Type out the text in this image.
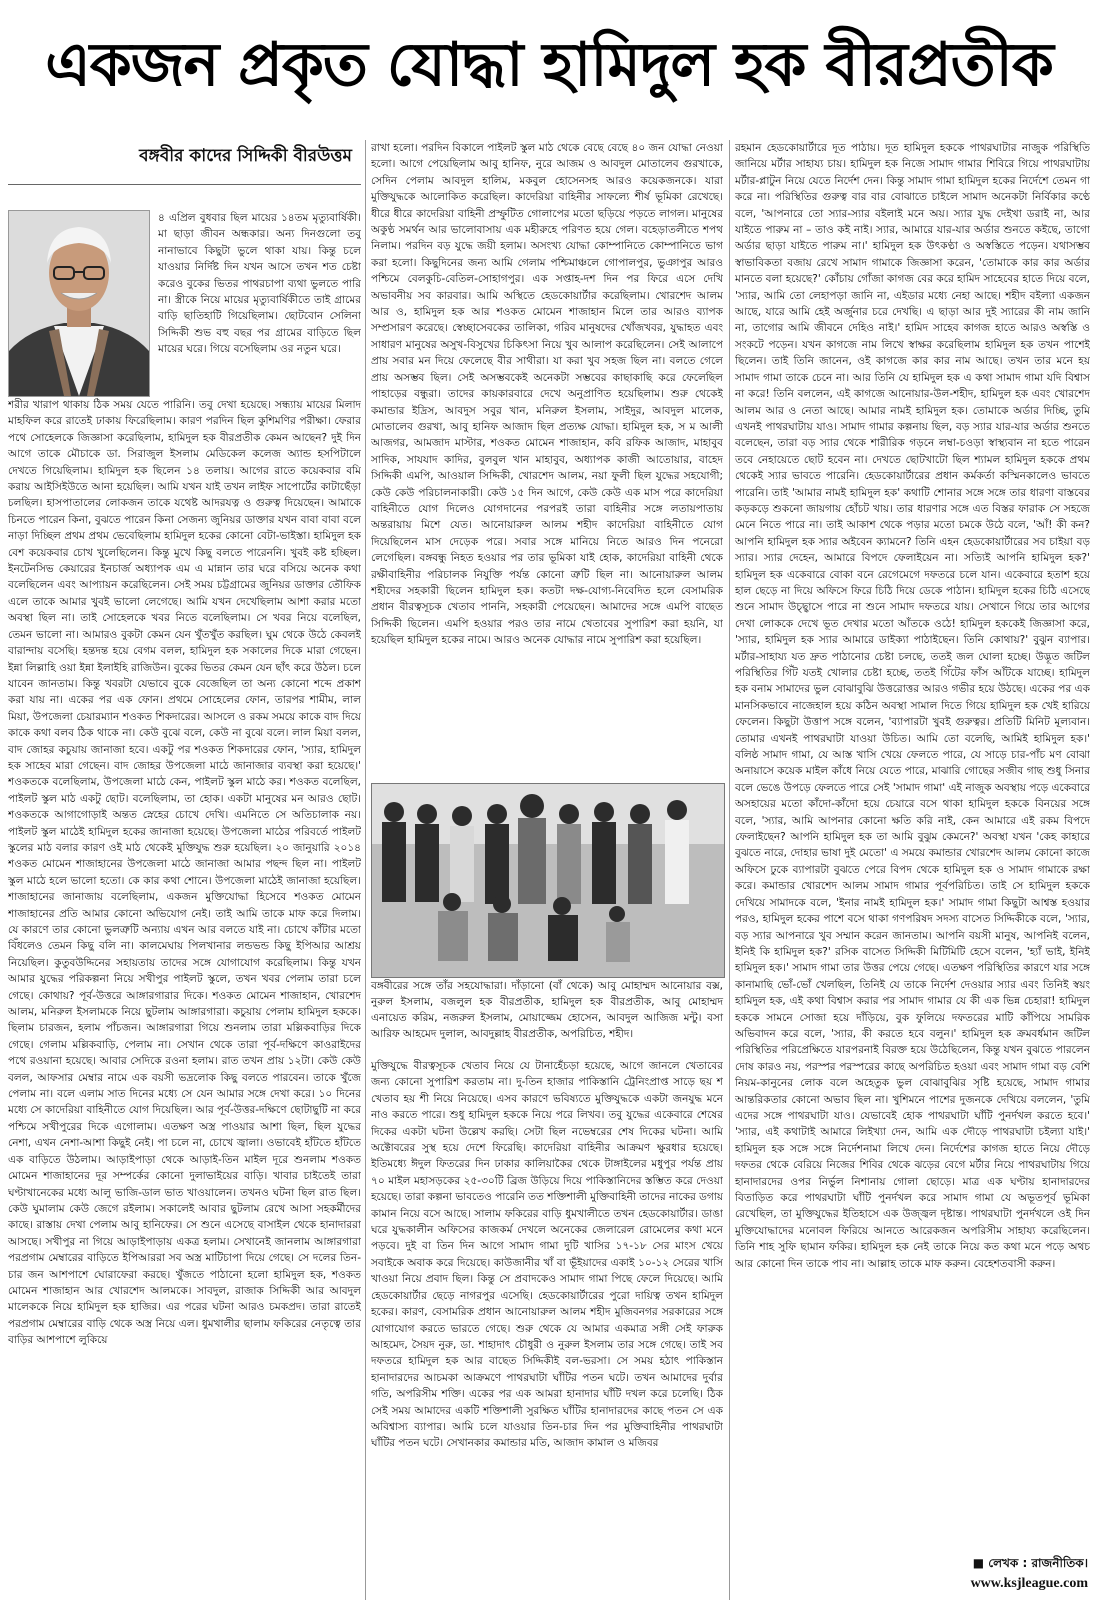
একজন প্রকৃত যোদ্ধা হামিদুল হক বীরপ্রতীক
বঙ্গবীর কাদের সিদ্দিকী বীরউত্তম

৪ এপ্রিল বুধবার ছিল মায়ের ১৪তম মৃত্যুবার্ষিকী। মা ছাড়া জীবন অন্ধকার। অন্য দিনগুলো তবু নানাভাবে কিছুটা ভুলে থাকা যায়। কিন্তু চলে যাওয়ার নির্দিষ্ট দিন যখন আসে তখন শত চেষ্টা করেও বুকের ভিতর পাথরচাপা ব্যথা ভুলতে পারি না। স্ত্রীকে নিয়ে মায়ের মৃত্যুবার্ষিকীতে তাই গ্রামের বাড়ি ছাতিহাটি গিয়েছিলাম। ছোটবোন সেলিনা সিদ্দিকী শুভ বহু বছর পর গ্রামের বাড়িতে ছিল মায়ের ঘরে। গিয়ে বসেছিলাম ওর নতুন ঘরে।

শরীর খারাপ থাকায় ঠিক সময় যেতে পারিনি। তবু দেখা হয়েছে। সন্ধ্যায় মায়ের মিলাদ মাহফিল করে রাতেই ঢাকায় ফিরেছিলাম। কারণ পরদিন ছিল কুশিমণির পরীক্ষা। ফেরার পথে সোহেলকে জিজ্ঞাসা করেছিলাম, হামিদুল হক বীরপ্রতীক কেমন আছেন? দুই দিন আগে তাকে মৌচাকে ডা. সিরাজুল ইসলাম মেডিকেল কলেজ অ্যান্ড হসপিটালে দেখতে গিয়েছিলাম। হামিদুল হক ছিলেন ১৪ তলায়। আগের রাতে কয়েকবার বমি করায় আইসিইউতে আনা হয়েছিল। আমি যখন যাই তখন লাইফ সাপোর্টের কাটাছেঁড়া চলছিল। হাসপাতালের লোকজন তাকে যথেষ্ট আদরযত্ন ও গুরুত্ব দিয়েছেন। আমাকে চিনতে পারেন কিনা, বুঝতে পারেন কিনা সেজন্য জুনিয়র ডাক্তার যখন বাবা বাবা বলে নাড়া দিচ্ছিল প্রথম প্রথম ভেবেছিলাম হামিদুল হকের কোনো বেটা-ভাইস্তা। হামিদুল হক বেশ কয়েকবার চোখ খুলেছিলেন। কিন্তু মুখে কিছু বলতে পারেননি। খুবই কষ্ট হচ্ছিল। ইনটেনসিভ কেয়ারের ইনচার্জ অধ্যাপক এম এ মান্নান তার ঘরে বসিয়ে অনেক কথা বলেছিলেন এবং আপ্যায়ন করেছিলেন। সেই সময় চট্টগ্রামের জুনিয়র ডাক্তার তৌফিক এলে তাকে আমার খুবই ভালো লেগেছে। আমি যখন দেখেছিলাম আশা করার মতো অবস্থা ছিল না। তাই সোহেলকে খবর নিতে বলেছিলাম। সে খবর নিয়ে বলেছিল, তেমন ভালো না। আমারও বুকটা কেমন যেন খুঁতখুঁত করছিল। ঘুম থেকে উঠে কেবলই বারান্দায় বসেছি। হন্তদন্ত হয়ে বেগম বলল, হামিদুল হক সকালের দিকে মারা গেছেন। ইন্না লিল্লাহি ওয়া ইন্না ইলাইহি রাজিউন। বুকের ভিতর কেমন যেন ছাঁৎ করে উঠল। চলে যাবেন জানতাম। কিন্তু খবরটা যেভাবে বুকে বেজেছিল তা অন্য কোনো শব্দে প্রকাশ করা যায় না। একের পর এক ফোন। প্রথমে সোহেলের ফোন, তারপর শামীম, লাল মিয়া, উপজেলা চেয়ারম্যান শওকত শিকদারের। আসলে ও রকম সময়ে কাকে বাদ দিয়ে কাকে কথা বলব ঠিক থাকে না। কেউ বুঝে বলে, কেউ না বুঝে বলে। লাল মিয়া বলল, বাদ জোহর কচুয়ায় জানাজা হবে। একটু পর শওকত শিকদারের ফোন, 'স্যার, হামিদুল হক সাহেব মারা গেছেন। বাদ জোহর উপজেলা মাঠে জানাজার ব্যবস্থা করা হয়েছে।' শওকতকে বলেছিলাম, উপজেলা মাঠে কেন, পাইলট স্কুল মাঠে কর। শওকত বলেছিল, পাইলট স্কুল মাঠ একটু ছোট। বলেছিলাম, তা হোক। একটা মানুষের মন আরও ছোট। শওকতকে আগাগোড়াই অন্তত স্নেহের চোখে দেখি। এমনিতে সে অতিচালাক নয়। পাইলট স্কুল মাঠেই হামিদুল হকের জানাজা হয়েছে। উপজেলা মাঠের পরিবর্তে পাইলট স্কুলের মাঠ বলার কারণ ওই মাঠ থেকেই মুক্তিযুদ্ধ শুরু হয়েছিল। ২০ জানুয়ারি ২০১৪ শওকত মোমেন শাজাহানের উপজেলা মাঠে জানাজা আমার পছন্দ ছিল না। পাইলট স্কুল মাঠে হলে ভালো হতো। কে কার কথা শোনে। উপজেলা মাঠেই জানাজা হয়েছিল। শাজাহানের জানাজায় বলেছিলাম, একজন মুক্তিযোদ্ধা হিসেবে শওকত মোমেন শাজাহানের প্রতি আমার কোনো অভিযোগ নেই। তাই আমি তাকে মাফ করে দিলাম। যে কারণে তার কোনো ভুলত্রুটি অন্যায় এখন আর বলতে যাই না। চোখে কাঁটার মতো বিঁধলেও তেমন কিছু বলি না। কালমেঘায় পিলখানার লন্ডভন্ড কিছু ইপিআর আশ্রয় নিয়েছিল। কুতুবউদ্দিনের সহায়তায় তাদের সঙ্গে যোগাযোগ করেছিলাম। কিন্তু যখন আমার যুদ্ধের পরিকল্পনা নিয়ে সখীপুর পাইলট স্কুলে, তখন খবর পেলাম তারা চলে গেছে। কোথায়? পূর্ব-উত্তরে আঙ্গারগারার দিকে। শওকত মোমেন শাজাহান, খোরশেদ আলম, মনিরুল ইসলামকে নিয়ে ছুটলাম আঙ্গারগারা। কচুয়ায় পেলাম হামিদুল হককে। ছিলাম চারজন, হলাম পাঁচজন। আঙ্গারগারা গিয়ে শুনলাম তারা মল্লিকবাড়ির দিকে গেছে। গেলাম মল্লিকবাড়ি, পেলাম না। সেখান থেকে তারা পূর্ব-দক্ষিণে কাওরাইদের পথে রওয়ানা হয়েছে। আবার সেদিকে রওনা হলাম। রাত তখন প্রায় ১২টা। কেউ কেউ বলল, আফসার মেম্বার নামে এক বয়সী ভদ্রলোক কিছু বলতে পারবেন। তাকে খুঁজে পেলাম না। বলে এলাম সাত দিনের মধ্যে সে যেন আমার সঙ্গে দেখা করে। ১০ দিনের মধ্যে সে কাদেরিয়া বাহিনীতে যোগ দিয়েছিল। আর পূর্ব-উত্তর-দক্ষিণে ছোটাছুটি না করে পশ্চিমে সখীপুরের দিকে এগোলাম। এতক্ষণ অস্ত্র পাওয়ার আশা ছিল, ছিল যুদ্ধের নেশা, এখন নেশা-আশা কিছুই নেই। পা চলে না, চোখে জ্বালা। ওভাবেই হাঁটতে হাঁটতে এক বাড়িতে উঠলাম। আড়াইপাড়া থেকে আড়াই-তিন মাইল দূরে শুনলাম শওকত মোমেন শাজাহানের দূর সম্পর্কের কোনো দুলাভাইয়ের বাড়ি। খাবার চাইতেই তারা ঘণ্টাখানেকের মধ্যে আলু ভাজি-ডাল ভাত খাওয়ালেন। তখনও ঘটনা ছিল রাত ছিল। কেউ ঘুমালাম কেউ জেগে রইলাম। সকালেই আবার ছুটলাম রেখে আসা সহকর্মীদের কাছে। রাস্তায় দেখা পেলাম আবু হানিফের। সে শুনে এসেছে বাসাইল থেকে হানাদাররা আসছে। সখীপুর না গিয়ে আড়াইপাড়ায় একত্র হলাম। সেখানেই জানলাম আঙ্গারগারা পরপ্রগাম মেম্বারের বাড়িতে ইপিআররা সব অস্ত্র মাটিচাপা দিয়ে গেছে। সে দলের তিন-চার জন আশপাশে ঘোরাফেরা করছে। খুঁজতে পাঠানো হলো হামিদুল হক, শওকত মোমেন শাজাহান আর খোরশেদ আলমকে। সাবদুল, রাজাক সিদ্দিকী আর আবদুল মালেককে নিয়ে হামিদুল হক হাজির। এর পরের ঘটনা আরও চমকপ্রদ। তারা রাতেই পরপ্রগাম মেম্বারের বাড়ি থেকে অস্ত্র নিয়ে এল। ধুমখালীর ছালাম ফকিরের নেতৃত্বে তার বাড়ির আশপাশে লুকিয়ে

রাখা হলো। পরদিন বিকালে পাইলট স্কুল মাঠ থেকে বেছে বেছে ৪০ জন যোদ্ধা নেওয়া হলো। আগে পেয়েছিলাম আবু হানিফ, নুরে আজম ও আবদুল মোতালেব গুরখাকে, সেদিন পেলাম আবদুল হালিম, মকবুল হোসেনসহ আরও কয়েকজনকে। যারা মুক্তিযুদ্ধকে আলোকিত করেছিল। কাদেরিয়া বাহিনীর সাফল্যে শীর্ষ ভূমিকা রেখেছে। ধীরে ধীরে কাদেরিয়া বাহিনী প্রস্ফুটিত গোলাপের মতো ছড়িয়ে পড়তে লাগল। মানুষের অকুণ্ঠ সমর্থন আর ভালোবাসায় এক মহীরুহে পরিণত হয়ে গেল। বহেড়াতলীতে শপথ নিলাম। পরদিন বড় যুদ্ধে জয়ী হলাম। অসংখ্য যোদ্ধা কোম্পানিতে কোম্পানিতে ভাগ করা হলো। কিছুদিনের জন্য আমি গেলাম পশ্চিমাঞ্চলে গোপালপুর, ভুঞাপুর আরও পশ্চিমে বেলকুচি-বেতিল-সোহাগপুর। এক সপ্তাহ-দশ দিন পর ফিরে এসে দেখি অভাবনীয় সব কারবার। আমি অস্থিতে হেডকোয়ার্টার করেছিলাম। খোরশেদ আলম আর ও, হামিদুল হক আর শওকত মোমেন শাজাহান মিলে তার আরও ব্যাপক সম্প্রসারণ করেছে। স্বেচ্ছাসেবকের তালিকা, গরিব মানুষদের খোঁজখবর, যুদ্ধাহত এবং সাধারণ মানুষের অসুখ-বিসুখের চিকিৎসা নিয়ে খুব আলাপ করেছিলেন। সেই আলাপে প্রায় সবার মন দিয়ে ফেলেছে বীর সাথীরা। যা করা খুব সহজ ছিল না। বলতে গেলে প্রায় অসম্ভব ছিল। সেই অসম্ভবকেই অনেকটা সম্ভবের কাছাকাছি করে ফেলেছিল পাহাড়ের বন্ধুরা। তাদের কায়কারবারে দেখে অনুপ্রাণিত হয়েছিলাম। শুরু থেকেই কমান্ডার ইদ্রিস, আবদুস সবুর খান, মনিরুল ইসলাম, সাইদুর, আবদুল মালেক, মোতালেব গুরখা, আবু হানিফ আজাদ ছিল প্রত্যক্ষ যোদ্ধা। হামিদুল হক, স ম আলী আজগর, আমজাদ মাস্টার, শওকত মোমেন শাজাহান, কবি রফিক আজাদ, মাহাবুব সাদিক, সাযযাদ কাদির, বুলবুল খান মাহাবুব, অধ্যাপক কাজী আতোয়ার, বাহেদ সিদ্দিকী এমপি, আওয়াল সিদ্দিকী, খোরশেদ আলম, নয়া ফুলী ছিল যুদ্ধের সহযোগী; কেউ কেউ পরিচালনাকারী। কেউ ১৫ দিন আগে, কেউ কেউ এক মাস পরে কাদেরিয়া বাহিনীতে যোগ দিলেও যোগদানের পরপরই তারা বাহিনীর সঙ্গে লতায়পাতায় অন্তরায়ায় মিশে যেত। আনোয়ারুল আলম শহীদ কাদেরিয়া বাহিনীতে যোগ দিয়েছিলেন মাস দেড়েক পরে। সবার সঙ্গে মানিয়ে নিতে আরও দিন পনেরো লেগেছিল। বঙ্গবন্ধু নিহত হওয়ার পর তার ভূমিকা যাই হোক, কাদেরিয়া বাহিনী থেকে রক্ষীবাহিনীর পরিচালক নিযুক্তি পর্যন্ত কোনো ত্রুটি ছিল না। আনোয়ারুল আলম শহীদের সহকারী ছিলেন হামিদুল হক। কতটা দক্ষ-যোগ্য-নিবেদিত হলে বেসামরিক প্রধান বীরত্বসূচক খেতাব পাননি, সহকারী পেয়েছেন। আমাদের সঙ্গে এমপি বাছেত সিদ্দিকী ছিলেন। এমপি হওয়ার পরও তার নামে খেতাবের সুপারিশ করা হয়নি, যা হয়েছিল হামিদুল হকের নামে। আরও অনেক যোদ্ধার নামে সুপারিশ করা হয়েছিল।

বঙ্গবীরের সঙ্গে তাঁর সহযোদ্ধারা। দাঁড়ানো (বাঁ থেকে) আবু মোহাম্মদ আনোয়ার বক্স, নুরুল ইসলাম, বজলুল হক বীরপ্রতীক, হামিদুল হক বীরপ্রতীক, আবু মোহাম্মদ এনায়েত করিম, নজরুল ইসলাম, মোয়াজ্জেম হোসেন, আবদুল আজিজ মন্টু। বসা আরিফ আহমেদ দুলাল, আবদুল্লাহ বীরপ্রতীক, অপরিচিত, শহীদ।

মুক্তিযুদ্ধে বীরত্বসূচক খেতাব নিয়ে যে টানাহেঁচড়া হয়েছে, আগে জানলে খেতাবের জন্য কোনো সুপারিশ করতাম না। দু-তিন হাজার পাকিস্তানি ট্রেনিংপ্রাপ্ত সাড়ে ছয় শ খেতাব হয় শী নিয়ে নিয়েছে। এসব কারণে ভবিষ্যতে মুক্তিযুদ্ধকে একটা জনযুদ্ধ মনে নাও করতে পারে। শুধু হামিদুল হককে নিয়ে পরে লিখব। তবু যুদ্ধের একেবারে শেষের দিকের একটা ঘটনা উল্লেখ করছি। সেটা ছিল নভেম্বরের শেষ দিকের ঘটনা। আমি অক্টোবরের সুস্থ হয়ে দেশে ফিরেছি। কাদেরিয়া বাহিনীর আক্রমণ ক্ষুরধার হয়েছে। ইতিমধ্যে ঈদুল ফিতরের দিন ঢাকার কালিয়াকৈর থেকে টাঙ্গাইলের মধুপুর পর্যন্ত প্রায় ৭০ মাইল মহাসড়কের ২৫-৩০টি ব্রিজ উড়িয়ে দিয়ে পাকিস্তানিদের স্তম্ভিত করে দেওয়া হয়েছে। তারা কল্পনা ভাবতেও পারেনি তত শক্তিশালী মুক্তিবাহিনী তাদের নাকের ডগায় কামান নিয়ে বসে আছে। সালাম ফকিরের বাড়ি ধুমখালীতে তখন হেডকোয়ার্টার। ডাঙা ঘরে যুদ্ধকালীন অফিসের কাজকর্ম দেখলে অনেকের জেলারেল রোমেলের কথা মনে পড়বে। দুই বা তিন দিন আগে সামাদ গামা দুটি খাসির ১৭-১৮ সের মাংস খেয়ে সবাইকে অবাক করে দিয়েছে। কাউজানীর খাঁ বা ভূঁইয়াদের একাই ১০-১২ সেরের খাসি খাওয়া নিয়ে প্রবাদ ছিল। কিন্তু সে প্রবাদকেও সামাদ গামা পিছে ফেলে দিয়েছে। আমি হেডকোয়ার্টার ছেড়ে নাগরপুর এসেছি। হেডকোয়ার্টারের পুরো দায়িত্ব তখন হামিদুল হকের। কারণ, বেসামরিক প্রধান আনোয়ারুল আলম শহীদ মুজিবনগর সরকারের সঙ্গে যোগাযোগ করতে ভারতে গেছে। শুরু থেকে যে আমার একমাত্র সঙ্গী সেই ফারুক আহমেদ, সৈয়দ নুরু, ডা. শাহাদাৎ চৌধুরী ও নুরুল ইসলাম তার সঙ্গে গেছে। তাই সব দফতরে হামিদুল হক আর বাছেত সিদ্দিকীই বল-ভরসা। সে সময় হঠাৎ পাকিস্তান হানাদারদের আচমকা আক্রমণে পাথরঘাটা ঘাঁটির পতন ঘটে। তখন আমাদের দুর্বার গতি, অপরিসীম শক্তি। একের পর এক আমরা হানাদার ঘাঁটি দখল করে চলেছি। ঠিক সেই সময় আমাদের একটি শক্তিশালী সুরক্ষিত ঘাঁটির হানাদারদের কাছে পতন সে এক অবিশ্বাস্য ব্যাপার। আমি চলে যাওয়ার তিন-চার দিন পর মুক্তিবাহিনীর পাথরঘাটা ঘাঁটির পতন ঘটে। সেখানকার কমান্ডার মতি, আজাদ কামাল ও মজিবর

রহমান হেডকোয়ার্টারে দূত পাঠায়। দূত হামিদুল হককে পাথরঘাটার নাজুক পরিস্থিতি জানিয়ে মর্টার সাহায্য চায়। হামিদুল হক নিজে সামাদ গামার শিবিরে গিয়ে পাথরঘাটায় মর্টার-প্লাটুন নিয়ে যেতে নির্দেশ দেন। কিন্তু সামাদ গামা হামিদুল হকের নির্দেশে তেমন গা করে না। পরিস্থিতির গুরুত্ব বার বার বোঝাতে চাইলে সামাদ অনেকটা নির্বিকার কণ্ঠে বলে, 'আপনারে তো স্যার-স্যার বইলাই মনে অয়। স্যার যুদ্ধ দেইখা ডরাই না, আর যাইতে পারুম না – তাও কই নাই। স্যার, আমারে যার-যার অর্ডার শুনতে কইছে, তাগো অর্ডার ছাড়া যাইতে পারুম না।' হামিদুল হক উৎকণ্ঠা ও অস্বস্তিতে পড়েন। যথাসম্ভব স্বাভাবিকতা বজায় রেখে সামাদ গামাকে জিজ্ঞাসা করেন, 'তোমাকে কার কার অর্ডার মানতে বলা হয়েছে?' কোঁচায় গোঁজা কাগজ বের করে হামিদ সাহেবের হাতে দিয়ে বলে, 'স্যার, আমি তো লেহাপড়া জানি না, এইডার মধ্যে নেহা আছে। শহীদ বইল্যা একজন আছে, যারে আমি হেই অর্জুনার চরে দেখছি। এ ছাড়া আর দুই স্যারের কী নাম জানি না, তাগোর আমি জীবনে দেহিও নাই।' হামিদ সাহেব কাগজ হাতে আরও অস্বস্তি ও সংকটে পড়েন। যখন কাগজে নাম লিখে স্বাক্ষর করেছিলাম হামিদুল হক তখন পাশেই ছিলেন। তাই তিনি জানেন, ওই কাগজে কার কার নাম আছে। তখন তার মনে হয় সামাদ গামা তাকে চেনে না। আর তিনি যে হামিদুল হক এ কথা সামাদ গামা যদি বিশ্বাস না করে! তিনি বললেন, এই কাগজে আনোয়ার-উল-শহীদ, হামিদুল হক এবং খোরশেদ আলম আর ও নেতা আছে। আমার নামই হামিদুল হক। তোমাকে অর্ডার দিচ্ছি, তুমি এখনই পাথরঘাটায় যাও। সামাদ গামার কল্পনায় ছিল, বড় স্যার যার-যার অর্ডার শুনতে বলেছেন, তারা বড় স্যার থেকে শারীরিক গড়নে লম্বা-চওড়া স্বাস্থ্যবান না হতে পারেন তবে নেহায়েতে ছোট হবেন না। দেখতে ছোটখাটো ছিল শ্যামল হামিদুল হককে প্রথম থেকেই স্যার ভাবতে পারেনি। হেডকোয়ার্টারের প্রধান কর্মকর্তা কস্মিনকালেও ভাবতে পারেনি। তাই 'আমার নামই হামিদুল হক' কথাটি শোনার সঙ্গে সঙ্গে তার ধারণা বাস্তবের কড়কড়ে শুকনো জায়গায় হোঁচট খায়। তার ধারণার সঙ্গে এত বিস্তর ফারাক সে সহজে মেনে নিতে পারে না। তাই আকাশ থেকে পড়ার মতো চমকে উঠে বলে, 'আঁ! কী কন? আপনি হামিদুল হক স্যার অইবেন ক্যামনে? তিনি এহন হেডকোয়ার্টারের সব চাইয়া বড় স্যার। স্যার দেহেন, আমারে বিপদে ফেলাইয়েন না। সত্যিই আপনি হামিদুল হক?' হামিদুল হক একেবারে বোকা বনে রেগেমেগে দফতরে চলে যান। একেবারে হতাশ হয়ে হাল ছেড়ে না দিয়ে অফিসে ফিরে চিঠি দিয়ে ডেকে পাঠান। হামিদুল হকের চিঠি এসেছে শুনে সামাদ উচ্ছ্বাসে পারে না শুনে সামাদ দফতরে যায়। সেখানে গিয়ে তার আগের দেখা লোককে দেখে ভূত দেখার মতো আঁতকে ওঠে! হামিদুল হককেই জিজ্ঞাসা করে, 'স্যার, হামিদুল হক স্যার আমারে ডাইক্যা পাঠাইছেন। তিনি কোথায়?' বুঝুন ব্যাপার। মর্টার-সাহায্য যত দ্রুত পাঠানোর চেষ্টা চলছে, ততই জল ঘোলা হচ্ছে। উদ্ভূত জটিল পরিস্থিতির গিঁট যতই খোলার চেষ্টা হচ্ছে, ততই গিঁটের ফাঁস আঁটকে যাচ্ছে। হামিদুল হক বনাম সামাদের ভুল বোঝাবুঝি উত্তরোত্তর আরও গভীর হয়ে উঠছে। একের পর এক মানসিকভাবে নাজেহাল হয়ে কঠিন অবস্থা সামাল দিতে গিয়ে হামিদুল হক খেই হারিয়ে ফেলেন। কিছুটা উত্তাপ সঙ্গে বলেন, 'ব্যাপারটা খুবই গুরুত্বর। প্রতিটি মিনিট মূল্যবান। তোমার এখনই পাথরঘাটা যাওয়া উচিত। আমি তো বলেছি, আমিই হামিদুল হক।' বলিষ্ঠ সামাদ গামা, যে আস্ত খাসি খেয়ে ফেলতে পারে, যে সাড়ে চার-পাঁচ মণ বোঝা অনায়াসে কয়েক মাইল কাঁধে নিয়ে যেতে পারে, মাঝারি গোছের সজীব গাছ শুধু সিনার বলে ভেঙে উপড়ে ফেলতে পারে সেই 'সামাদ গামা' এই নাজুক অবস্থায় পড়ে একেবারে অসহায়ের মতো কাঁদো-কাঁদো হয়ে চেয়ারে বসে থাকা হামিদুল হককে বিনয়ের সঙ্গে বলে, 'স্যার, আমি আপনার কোনো ক্ষতি করি নাই, কেন আমারে এই রকম বিপদে ফেলাইছেন? আপনি হামিদুল হক তা আমি বুঝুম কেমনে?' অবস্থা যখন 'কেহ কাহারে বুঝতে নারে, দোহার ভাষা দুই মেতো' এ সময়ে কমান্ডার খোরশেদ আলম কোনো কাজে অফিসে ঢুকে ব্যাপারটা বুঝতে পেরে বিপদ থেকে হামিদুল হক ও সামাদ গামাকে রক্ষা করে। কমান্ডার খোরশেদ আলম সামাদ গামার পূর্বপরিচিত। তাই সে হামিদুল হককে দেখিয়ে সামাদকে বলে, 'ইনার নামই হামিদুল হক।' সামাদ গামা কিছুটা আশ্বস্ত হওয়ার পরও, হামিদুল হকের পাশে বসে থাকা গণপরিষদ সদস্য বাসেত সিদ্দিকীকে বলে, 'স্যার, বড় স্যার আপনারে খুব সম্মান করেন জানতাম। আপনি বয়সী মানুষ, আপনিই বলেন, ইনিই কি হামিদুল হক?' রসিক বাসেত সিদ্দিকী মিটিমিটি হেসে বলেন, 'হ্যাঁ ভাই, ইনিই হামিদুল হক।' সামাদ গামা তার উত্তর পেয়ে গেছে। এতক্ষণ পরিস্থিতির কারণে যার সঙ্গে কানামাছি ভোঁ-ভোঁ খেলছিল, তিনিই যে তাকে নির্দেশ দেওয়ার স্যার এবং তিনিই স্বয়ং হামিদুল হক, এই কথা বিশ্বাস করার পর সামাদ গামার যে কী এক ভিন্ন চেহারা! হামিদুল হককে সামনে সোজা হয়ে দাঁড়িয়ে, বুক ফুলিয়ে দফতরের মাটি কাঁপিয়ে সামরিক অভিবাদন করে বলে, 'স্যার, কী করতে হবে বলুন।' হামিদুল হক ক্রমবর্ধমান জটিল পরিস্থিতির পরিপ্রেক্ষিতে যারপরনাই বিরক্ত হয়ে উঠেছিলেন, কিন্তু যখন বুঝতে পারলেন দোষ কারও নয়, পরস্পর পরস্পরের কাছে অপরিচিত হওয়া এবং সামাদ গামা বড় বেশি নিয়ম-কানুনের লোক বলে অহেতুক ভুল বোঝাবুঝির সৃষ্টি হয়েছে, সামাদ গামার আন্তরিকতার কোনো অভাব ছিল না। খুশিমনে পাশের দুজনকে দেখিয়ে বললেন, 'তুমি এদের সঙ্গে পাথরঘাটা যাও। যেভাবেই হোক পাথরঘাটা ঘাঁটি পুনর্দখল করতে হবে।' 'স্যার, এই কথাটাই আমারে লিইখ্যা দেন, আমি এক দৌড়ে পাথরঘাটা চইল্যা যাই।' হামিদুল হক সঙ্গে সঙ্গে নির্দেশনামা লিখে দেন। নির্দেশের কাগজ হাতে নিয়ে দৌড়ে দফতর থেকে বেরিয়ে নিজের শিবির থেকে ঝড়ের বেগে মর্টার নিয়ে পাথরঘাটায় গিয়ে হানাদারদের ওপর নির্ভুল নিশানায় গোলা ছোড়ে। মাত্র এক ঘণ্টায় হানাদারদের বিতাড়িত করে পাথরঘাটা ঘাঁটি পুনর্দখল করে সামাদ গামা যে অভূতপূর্ব ভূমিকা রেখেছিল, তা মুক্তিযুদ্ধের ইতিহাসে এক উজ্জ্বল দৃষ্টান্ত। পাথরঘাটা পুনর্দখলে ওই দিন মুক্তিযোদ্ধাদের মনোবল ফিরিয়ে আনতে আরেকজন অপরিসীম সাহায্য করেছিলেন। তিনি শাহ সুফি ছামান ফকির। হামিদুল হক নেই তাকে নিয়ে কত কথা মনে পড়ে অথচ আর কোনো দিন তাকে পাব না। আল্লাহ তাকে মাফ করুন। বেহেশতবাসী করুন।

■ লেখক : রাজনীতিক।
www.ksjleague.com
